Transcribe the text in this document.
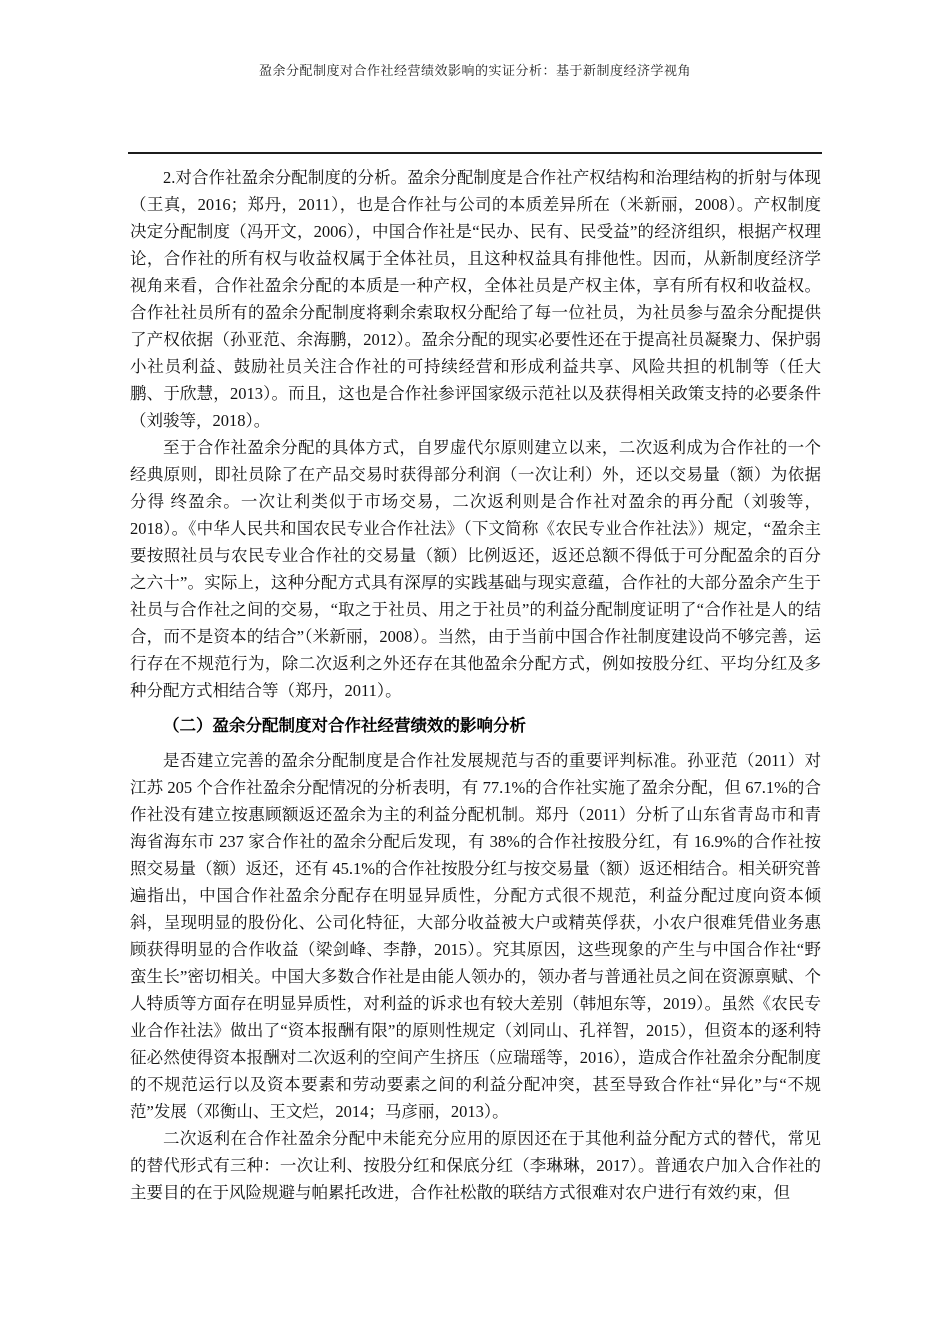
盈余分配制度对合作社经营绩效影响的实证分析：基于新制度经济学视角

2.对合作社盈余分配制度的分析。盈余分配制度是合作社产权结构和治理结构的折射与体现（王真，2016；郑丹，2011），也是合作社与公司的本质差异所在（米新丽，2008）。产权制度决定分配制度（冯开文，2006），中国合作社是“民办、民有、民受益”的经济组织，根据产权理论，合作社的所有权与收益权属于全体社员，且这种权益具有排他性。因而，从新制度经济学视角来看，合作社盈余分配的本质是一种产权，全体社员是产权主体，享有所有权和收益权。合作社社员所有的盈余分配制度将剩余索取权分配给了每一位社员，为社员参与盈余分配提供了产权依据（孙亚范、余海鹏，2012）。盈余分配的现实必要性还在于提高社员凝聚力、保护弱小社员利益、鼓励社员关注合作社的可持续经营和形成利益共享、风险共担的机制等（任大鹏、于欣慧，2013）。而且，这也是合作社参评国家级示范社以及获得相关政策支持的必要条件（刘骏等，2018）。

至于合作社盈余分配的具体方式，自罗虚代尔原则建立以来，二次返利成为合作社的一个经典原则，即社员除了在产品交易时获得部分利润（一次让利）外，还以交易量（额）为依据分得 终盈余。一次让利类似于市场交易，二次返利则是合作社对盈余的再分配（刘骏等，2018）。《中华人民共和国农民专业合作社法》（下文简称《农民专业合作社法》）规定，“盈余主要按照社员与农民专业合作社的交易量（额）比例返还，返还总额不得低于可分配盈余的百分之六十”。实际上，这种分配方式具有深厚的实践基础与现实意蕴，合作社的大部分盈余产生于社员与合作社之间的交易，“取之于社员、用之于社员”的利益分配制度证明了“合作社是人的结合，而不是资本的结合”（米新丽，2008）。当然，由于当前中国合作社制度建设尚不够完善，运行存在不规范行为，除二次返利之外还存在其他盈余分配方式，例如按股分红、平均分红及多种分配方式相结合等（郑丹，2011）。

（二）盈余分配制度对合作社经营绩效的影响分析

是否建立完善的盈余分配制度是合作社发展规范与否的重要评判标准。孙亚范（2011）对江苏 205 个合作社盈余分配情况的分析表明，有 77.1%的合作社实施了盈余分配，但 67.1%的合作社没有建立按惠顾额返还盈余为主的利益分配机制。郑丹（2011）分析了山东省青岛市和青海省海东市 237 家合作社的盈余分配后发现，有 38%的合作社按股分红，有 16.9%的合作社按照交易量（额）返还，还有 45.1%的合作社按股分红与按交易量（额）返还相结合。相关研究普遍指出，中国合作社盈余分配存在明显异质性，分配方式很不规范，利益分配过度向资本倾斜，呈现明显的股份化、公司化特征，大部分收益被大户或精英俘获，小农户很难凭借业务惠顾获得明显的合作收益（梁剑峰、李静，2015）。究其原因，这些现象的产生与中国合作社“野蛮生长”密切相关。中国大多数合作社是由能人领办的，领办者与普通社员之间在资源禀赋、个人特质等方面存在明显异质性，对利益的诉求也有较大差别（韩旭东等，2019）。虽然《农民专业合作社法》做出了“资本报酬有限”的原则性规定（刘同山、孔祥智，2015），但资本的逐利特征必然使得资本报酬对二次返利的空间产生挤压（应瑞瑶等，2016），造成合作社盈余分配制度的不规范运行以及资本要素和劳动要素之间的利益分配冲突，甚至导致合作社“异化”与“不规范”发展（邓衡山、王文烂，2014；马彦丽，2013）。

二次返利在合作社盈余分配中未能充分应用的原因还在于其他利益分配方式的替代，常见的替代形式有三种：一次让利、按股分红和保底分红（李琳琳，2017）。普通农户加入合作社的主要目的在于风险规避与帕累托改进，合作社松散的联结方式很难对农户进行有效约束，但
